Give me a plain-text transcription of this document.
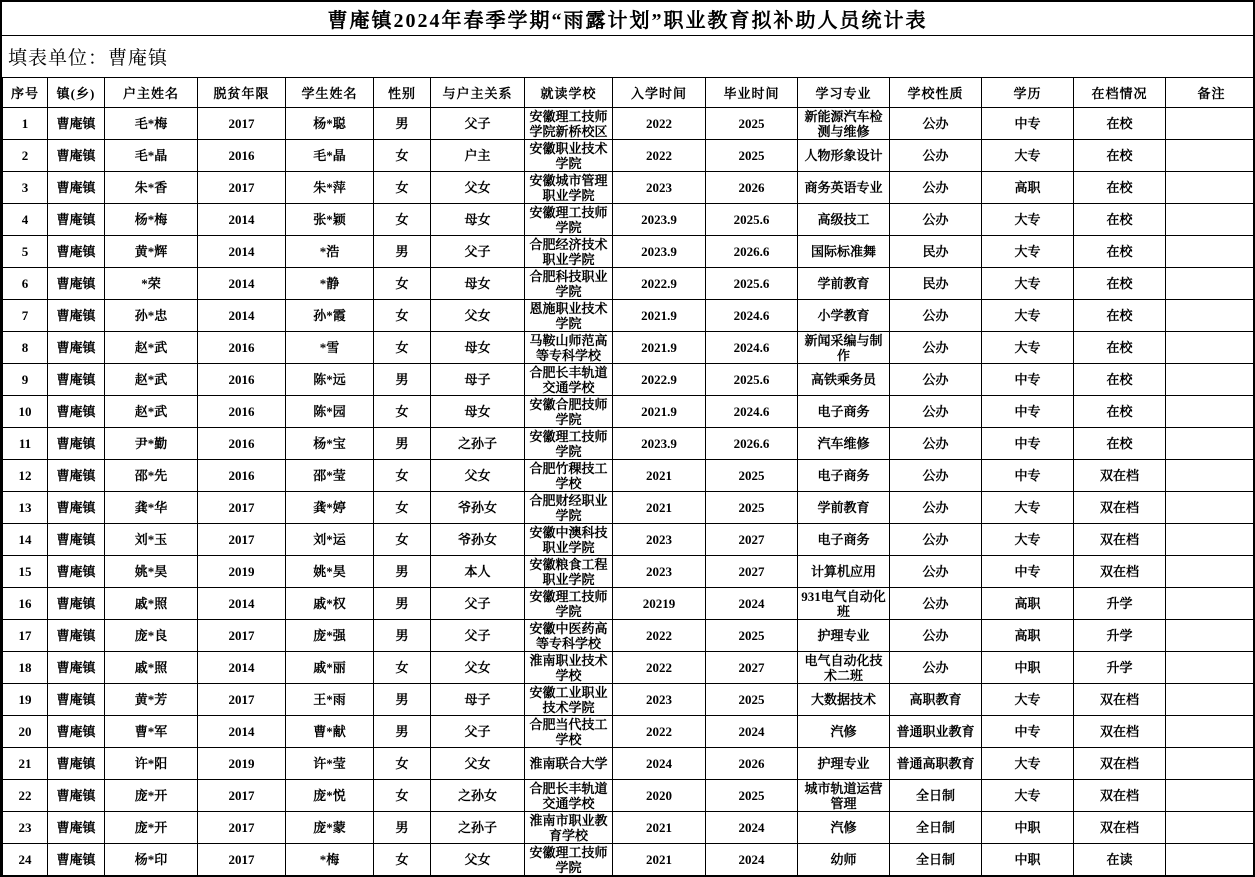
曹庵镇2024年春季学期“雨露计划”职业教育拟补助人员统计表
填表单位：曹庵镇
序号	镇(乡)	户主姓名	脱贫年限	学生姓名	性别	与户主关系	就读学校	入学时间	毕业时间	学习专业	学校性质	学历	在档情况	备注
1	曹庵镇	毛*梅	2017	杨*聪	男	父子	安徽理工技师学院新桥校区	2022	2025	新能源汽车检测与维修	公办	中专	在校	
2	曹庵镇	毛*晶	2016	毛*晶	女	户主	安徽职业技术学院	2022	2025	人物形象设计	公办	大专	在校	
3	曹庵镇	朱*香	2017	朱*萍	女	父女	安徽城市管理职业学院	2023	2026	商务英语专业	公办	高职	在校	
4	曹庵镇	杨*梅	2014	张*颖	女	母女	安徽理工技师学院	2023.9	2025.6	高级技工	公办	大专	在校	
5	曹庵镇	黄*辉	2014	*浩	男	父子	合肥经济技术职业学院	2023.9	2026.6	国际标准舞	民办	大专	在校	
6	曹庵镇	*荣	2014	*静	女	母女	合肥科技职业学院	2022.9	2025.6	学前教育	民办	大专	在校	
7	曹庵镇	孙*忠	2014	孙*霞	女	父女	恩施职业技术学院	2021.9	2024.6	小学教育	公办	大专	在校	
8	曹庵镇	赵*武	2016	*雪	女	母女	马鞍山师范高等专科学校	2021.9	2024.6	新闻采编与制作	公办	大专	在校	
9	曹庵镇	赵*武	2016	陈*远	男	母子	合肥长丰轨道交通学校	2022.9	2025.6	高铁乘务员	公办	中专	在校	
10	曹庵镇	赵*武	2016	陈*园	女	母女	安徽合肥技师学院	2021.9	2024.6	电子商务	公办	中专	在校	
11	曹庵镇	尹*勤	2016	杨*宝	男	之孙子	安徽理工技师学院	2023.9	2026.6	汽车维修	公办	中专	在校	
12	曹庵镇	邵*先	2016	邵*莹	女	父女	合肥竹稞技工学校	2021	2025	电子商务	公办	中专	双在档	
13	曹庵镇	龚*华	2017	龚*婷	女	爷孙女	合肥财经职业学院	2021	2025	学前教育	公办	大专	双在档	
14	曹庵镇	刘*玉	2017	刘*运	女	爷孙女	安徽中澳科技职业学院	2023	2027	电子商务	公办	大专	双在档	
15	曹庵镇	姚*昊	2019	姚*昊	男	本人	安徽粮食工程职业学院	2023	2027	计算机应用	公办	中专	双在档	
16	曹庵镇	戚*照	2014	戚*权	男	父子	安徽理工技师学院	20219	2024	931电气自动化班	公办	高职	升学	
17	曹庵镇	庞*良	2017	庞*强	男	父子	安徽中医药高等专科学校	2022	2025	护理专业	公办	高职	升学	
18	曹庵镇	戚*照	2014	戚*丽	女	父女	淮南职业技术学校	2022	2027	电气自动化技术二班	公办	中职	升学	
19	曹庵镇	黄*芳	2017	王*雨	男	母子	安徽工业职业技术学院	2023	2025	大数据技术	高职教育	大专	双在档	
20	曹庵镇	曹*军	2014	曹*献	男	父子	合肥当代技工学校	2022	2024	汽修	普通职业教育	中专	双在档	
21	曹庵镇	许*阳	2019	许*莹	女	父女	淮南联合大学	2024	2026	护理专业	普通高职教育	大专	双在档	
22	曹庵镇	庞*开	2017	庞*悦	女	之孙女	合肥长丰轨道交通学校	2020	2025	城市轨道运营管理	全日制	大专	双在档	
23	曹庵镇	庞*开	2017	庞*蒙	男	之孙子	淮南市职业教育学校	2021	2024	汽修	全日制	中职	双在档	
24	曹庵镇	杨*印	2017	*梅	女	父女	安徽理工技师学院	2021	2024	幼师	全日制	中职	在读	
